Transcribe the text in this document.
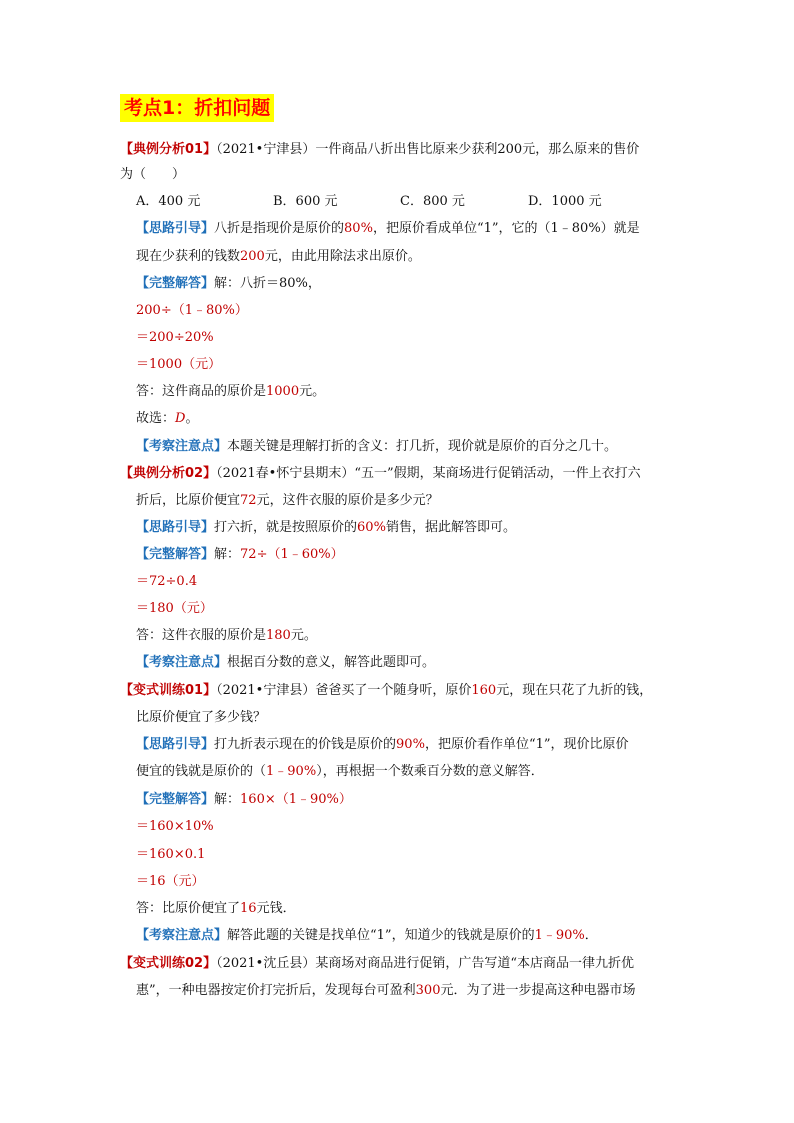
考点1：折扣问题
【典例分析01】（2021•宁津县）一件商品八折出售比原来少获利200元，那么原来的售价
为（　　）
A．400 元	B．600 元	C．800 元	D．1000 元
【思路引导】八折是指现价是原价的80%，把原价看成单位“1”，它的（1﹣80%）就是
现在少获利的钱数200元，由此用除法求出原价。
【完整解答】解：八折＝80%，
200÷（1﹣80%）
＝200÷20%
＝1000（元）
答：这件商品的原价是1000元。
故选：D。
【考察注意点】本题关键是理解打折的含义：打几折，现价就是原价的百分之几十。
【典例分析02】（2021春•怀宁县期末）“五一”假期，某商场进行促销活动，一件上衣打六
折后，比原价便宜72元，这件衣服的原价是多少元？
【思路引导】打六折，就是按照原价的60%销售，据此解答即可。
【完整解答】解：72÷（1﹣60%）
＝72÷0.4
＝180（元）
答：这件衣服的原价是180元。
【考察注意点】根据百分数的意义，解答此题即可。
【变式训练01】（2021•宁津县）爸爸买了一个随身听，原价160元，现在只花了九折的钱，
比原价便宜了多少钱？
【思路引导】打九折表示现在的价钱是原价的90%，把原价看作单位“1”，现价比原价
便宜的钱就是原价的（1﹣90%），再根据一个数乘百分数的意义解答．
【完整解答】解：160×（1﹣90%）
＝160×10%
＝160×0.1
＝16（元）
答：比原价便宜了16元钱．
【考察注意点】解答此题的关键是找单位“1”，知道少的钱就是原价的1﹣90%．
【变式训练02】（2021•沈丘县）某商场对商品进行促销，广告写道“本店商品一律九折优
惠”，一种电器按定价打完折后，发现每台可盈利300元．为了进一步提高这种电器市场
